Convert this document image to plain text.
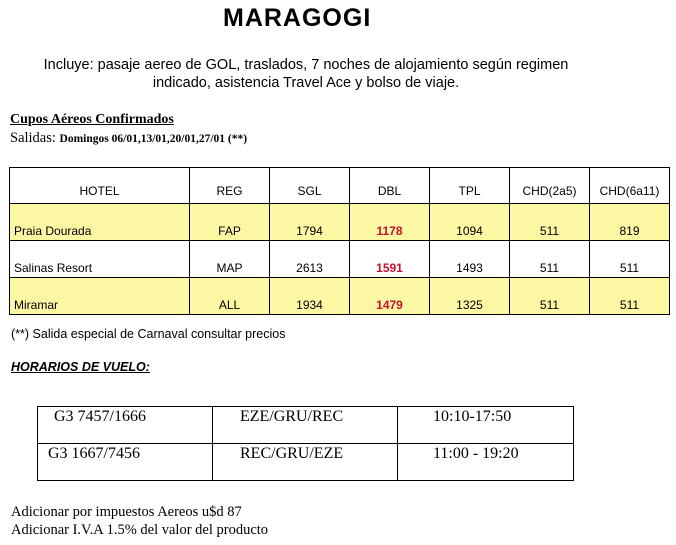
MARAGOGI
Incluye: pasaje aereo de GOL, traslados, 7 noches de alojamiento según regimen
indicado, asistencia Travel Ace y bolso de viaje.
Cupos Aéreos Confirmados
Salidas: Domingos 06/01,13/01,20/01,27/01 (**)
HOTEL	REG	SGL	DBL	TPL	CHD(2a5)	CHD(6a11)
Praia Dourada	FAP	1794	1178	1094	511	819
Salinas Resort	MAP	2613	1591	1493	511	511
Miramar	ALL	1934	1479	1325	511	511
(**) Salida especial de Carnaval consultar precios
HORARIOS DE VUELO:
G3 7457/1666	EZE/GRU/REC	10:10-17:50

G3 1667/7456	REC/GRU/EZE	11:00 - 19:20
Adicionar por impuestos Aereos u$d 87
Adicionar I.V.A 1.5% del valor del producto
